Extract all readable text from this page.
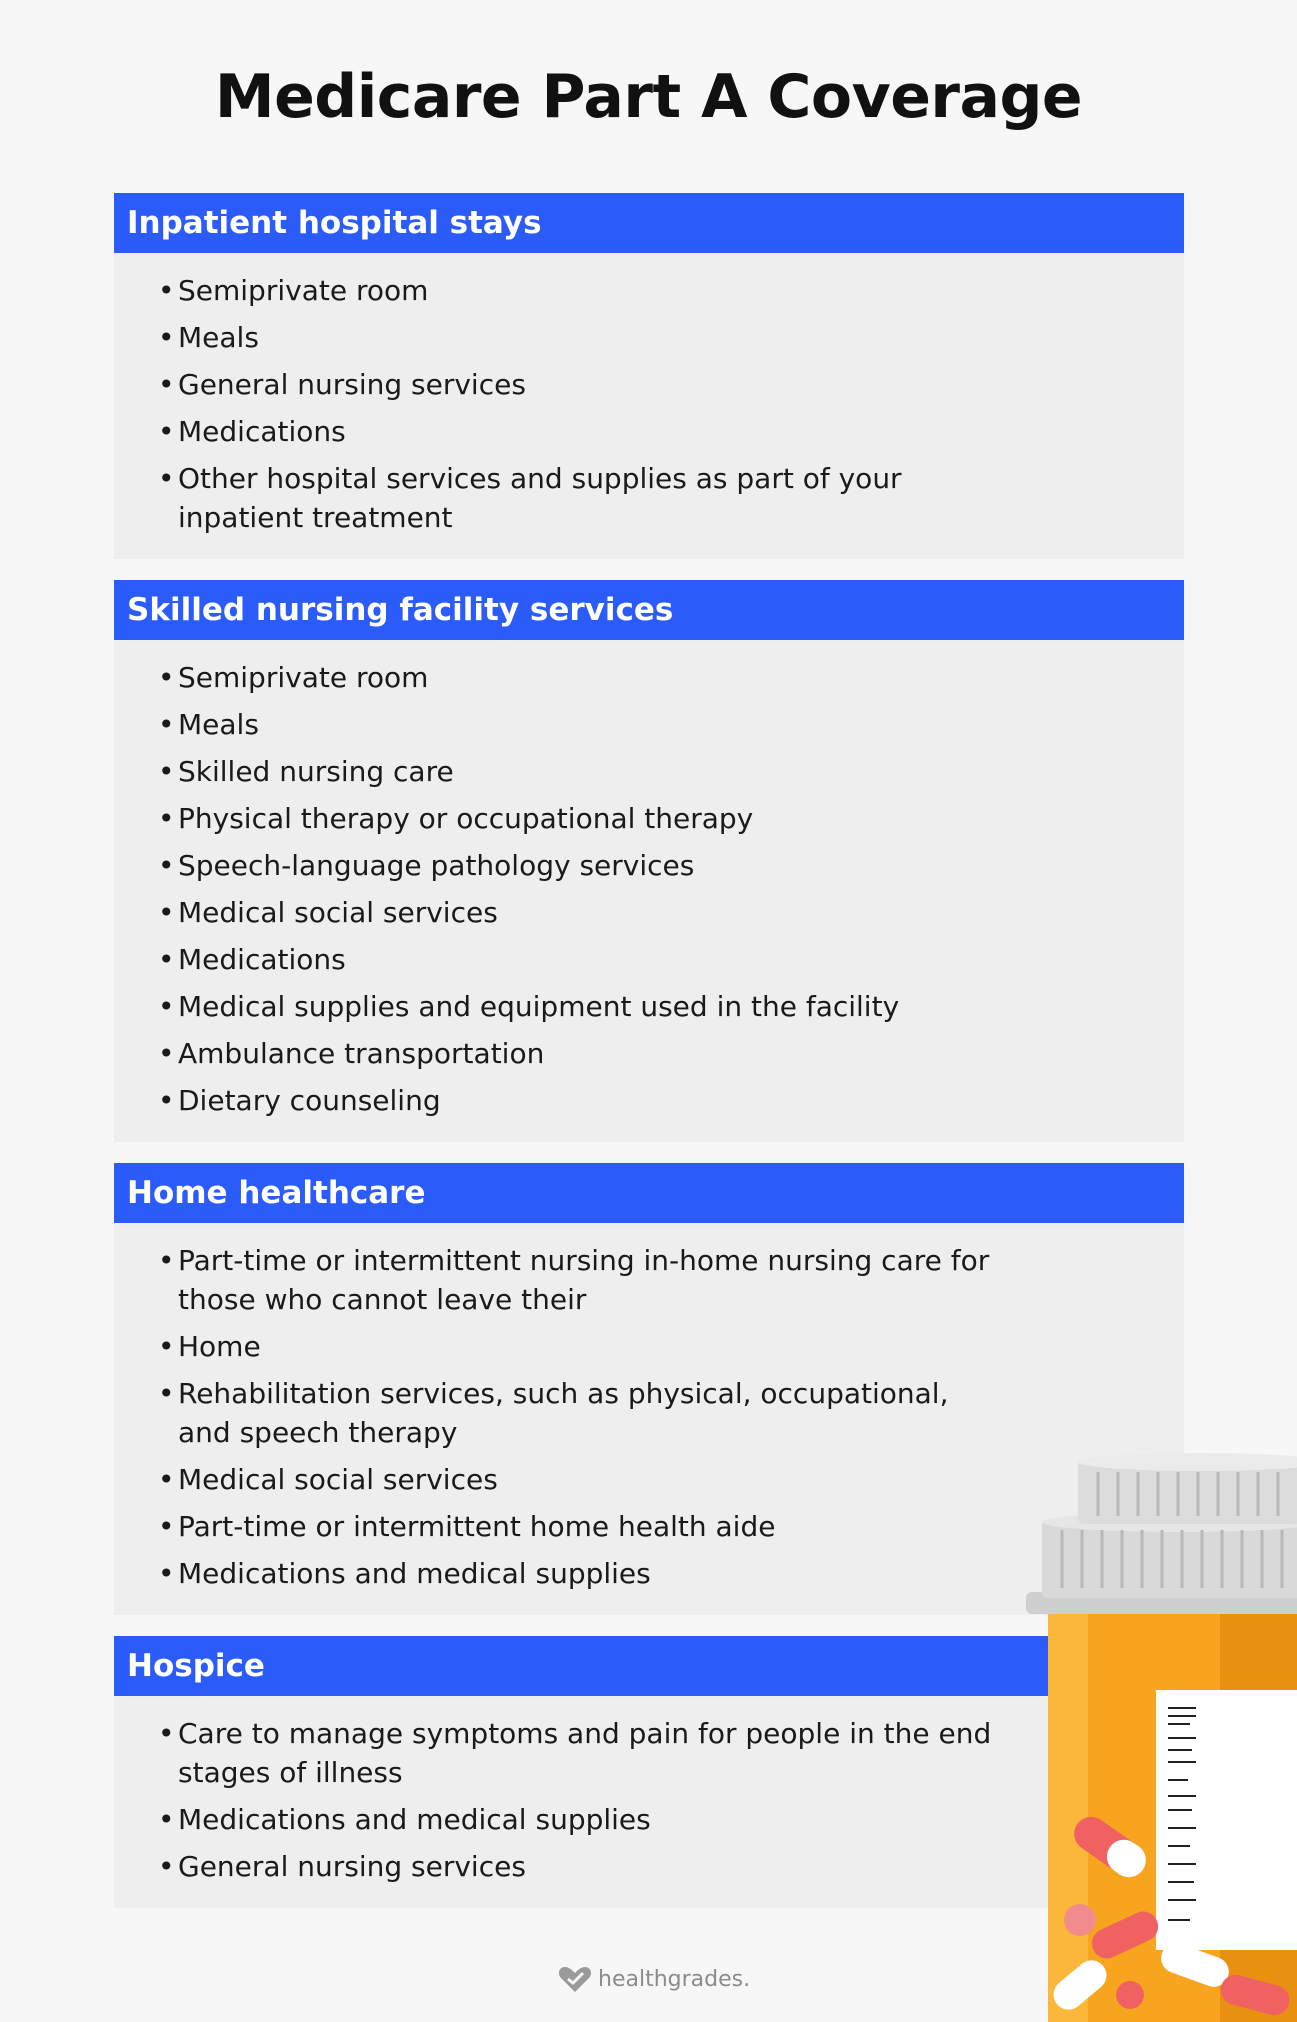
Medicare Part A Coverage
Inpatient hospital stays
• Semiprivate room
• Meals
• General nursing services
• Medications
• Other hospital services and supplies as part of your inpatient treatment
Skilled nursing facility services
• Semiprivate room
• Meals
• Skilled nursing care
• Physical therapy or occupational therapy
• Speech-language pathology services
• Medical social services
• Medications
• Medical supplies and equipment used in the facility
• Ambulance transportation
• Dietary counseling
Home healthcare
• Part-time or intermittent nursing in-home nursing care for those who cannot leave their
• Home
• Rehabilitation services, such as physical, occupational, and speech therapy
• Medical social services
• Part-time or intermittent home health aide
• Medications and medical supplies
Hospice
• Care to manage symptoms and pain for people in the end stages of illness
• Medications and medical supplies
• General nursing services
healthgrades.
